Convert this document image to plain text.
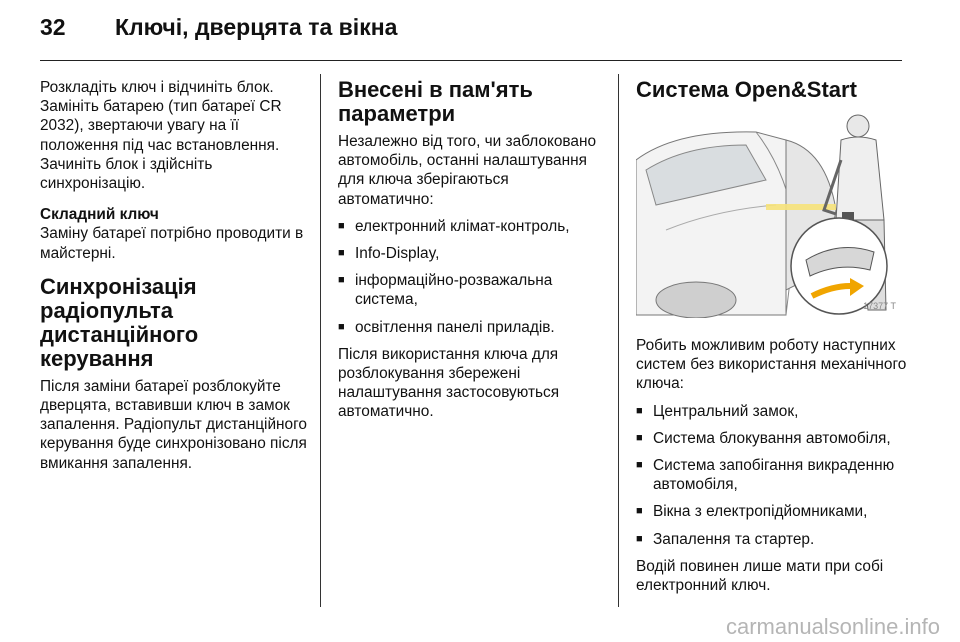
32 Ключі, дверцята та вікна

Розкладіть ключ і відчиніть блок. Замініть батарею (тип батареї CR 2032), звертаючи увагу на її положення під час встановлення. Зачиніть блок і здійсніть синхронізацію.

Складний ключ

Заміну батареї потрібно проводити в майстерні.

Синхронізація радіопульта дистанційного керування

Після заміни батареї розблокуйте дверцята, вставивши ключ в замок запалення. Радіопульт дистанційного керування буде синхронізовано після вмикання запалення.

Внесені в пам'ять параметри

Незалежно від того, чи заблоковано автомобіль, останні налаштування для ключа зберігаються автоматично:

■ електронний клімат-контроль,
■ Info-Display,
■ інформаційно-розважальна система,
■ освітлення панелі приладів.

Після використання ключа для розблокування збережені налаштування застосовуються автоматично.

Система Open&Start
17377 T

Робить можливим роботу наступних систем без використання механічного ключа:

■ Центральний замок,
■ Система блокування автомобіля,
■ Система запобігання викраденню автомобіля,
■ Вікна з електропідйомниками,
■ Запалення та стартер.

Водій повинен лише мати при собі електронний ключ.

carmanualsonline.info
